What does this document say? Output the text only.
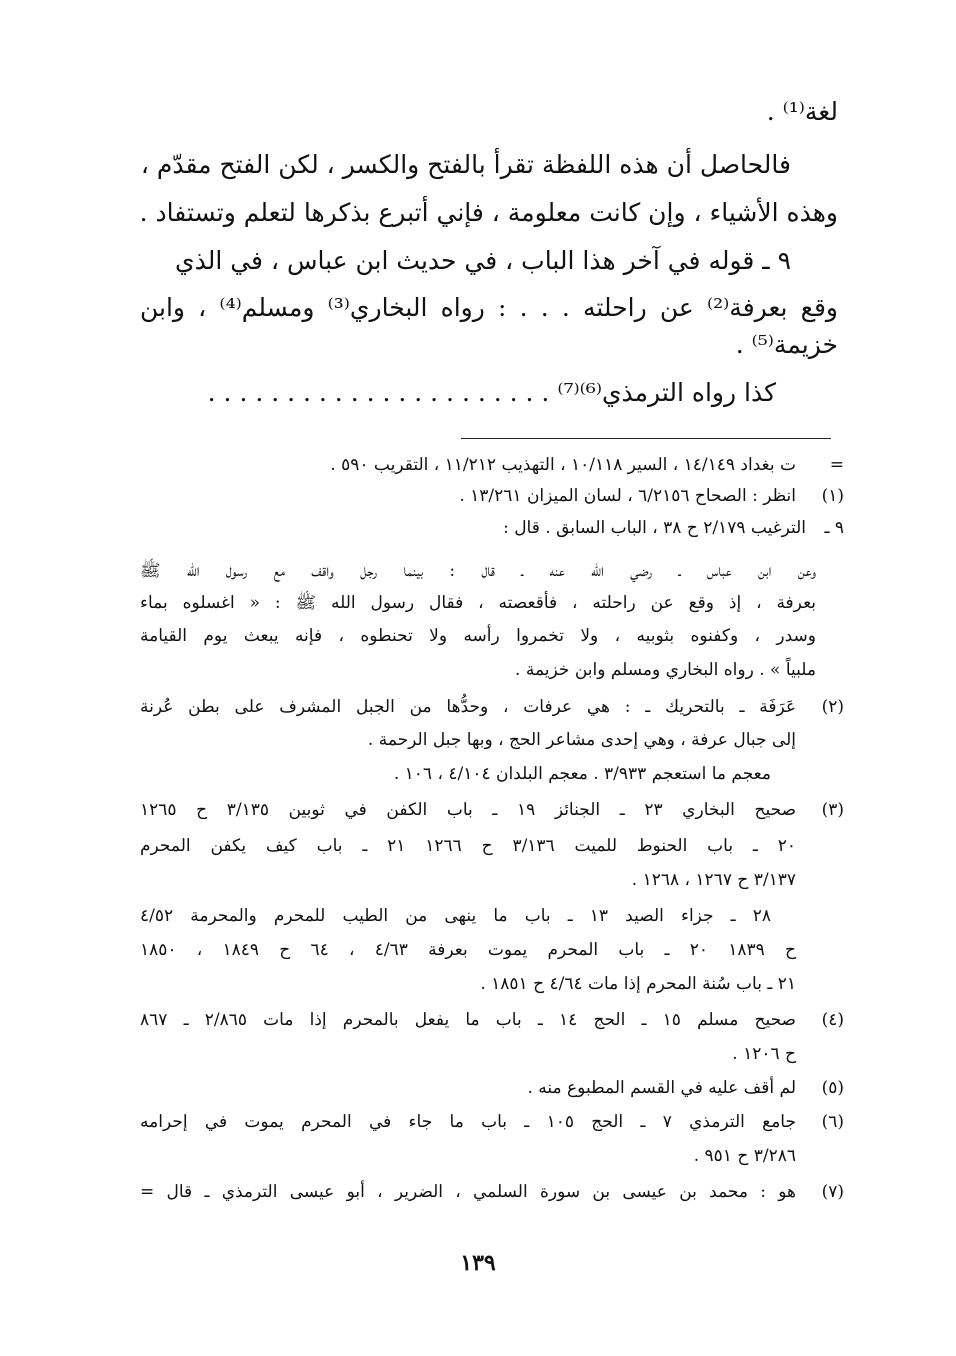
لغة⁽¹⁾ .
فالحاصل أن هذه اللفظة تقرأ بالفتح والكسر ، لكن الفتح مقدّم ،
وهذه الأشياء ، وإن كانت معلومة ، فإني أتبرع بذكرها لتعلم وتستفاد .
٩ ـ قوله في آخر هذا الباب ، في حديث ابن عباس ، في الذي
وقع بعرفة⁽²⁾ عن راحلته . . . : رواه البخاري⁽³⁾ ومسلم⁽⁴⁾ ، وابن
خزيمة⁽⁵⁾ .
كذا رواه الترمذي⁽⁶⁾⁽⁷⁾ . . . . . . . . . . . . . . . . . . . . . .
=
ت بغداد ١٤/١٤٩ ، السير ١٠/١١٨ ، التهذيب ١١/٢١٢ ، التقريب ٥٩٠ .
(١)
انظر : الصحاح ٦/٢١٥٦ ، لسان الميزان ١٣/٢٦١ .
٩ ـ
الترغيب ٢/١٧٩ ح ٣٨ ، الباب السابق . قال :
وعن ابن عباس ـ رضي الله عنه ـ قال : بينما رجل واقف مع رسول الله ﷺ
بعرفة ، إذ وقع عن راحلته ، فأقعصته ، فقال رسول الله ﷺ : « اغسلوه بماء
وسدر ، وكفنوه بثوبيه ، ولا تخمروا رأسه ولا تحنطوه ، فإنه يبعث يوم القيامة
ملبياً » . رواه البخاري ومسلم وابن خزيمة .
(٢)
عَرَفَة ـ بالتحريك ـ : هي عرفات ، وحدُّها من الجبل المشرف على بطن عُرنة
إلى جبال عرفة ، وهي إحدى مشاعر الحج ، وبها جبل الرحمة .
معجم ما استعجم ٣/٩٣٣ . معجم البلدان ٤/١٠٤ ، ١٠٦ .
(٣)
صحيح البخاري ٢٣ ـ الجنائز ١٩ ـ باب الكفن في ثوبين ٣/١٣٥ ح ١٢٦٥
٢٠ ـ باب الحنوط للميت ٣/١٣٦ ح ١٢٦٦ ٢١ ـ باب كيف يكفن المحرم
٣/١٣٧ ح ١٢٦٧ ، ١٢٦٨ .
٢٨ ـ جزاء الصيد ١٣ ـ باب ما ينهى من الطيب للمحرم والمحرمة ٤/٥٢
ح ١٨٣٩ ٢٠ ـ باب المحرم يموت بعرفة ٤/٦٣ ، ٦٤ ح ١٨٤٩ ، ١٨٥٠
٢١ ـ باب سُنة المحرم إذا مات ٤/٦٤ ح ١٨٥١ .
(٤)
صحيح مسلم ١٥ ـ الحج ١٤ ـ باب ما يفعل بالمحرم إذا مات ٢/٨٦٥ ـ ٨٦٧
ح ١٢٠٦ .
(٥)
لم أقف عليه في القسم المطبوع منه .
(٦)
جامع الترمذي ٧ ـ الحج ١٠٥ ـ باب ما جاء في المحرم يموت في إحرامه
٣/٢٨٦ ح ٩٥١ .
(٧)
هو : محمد بن عيسى بن سورة السلمي ، الضرير ، أبو عيسى الترمذي ـ قال =
١٣٩
